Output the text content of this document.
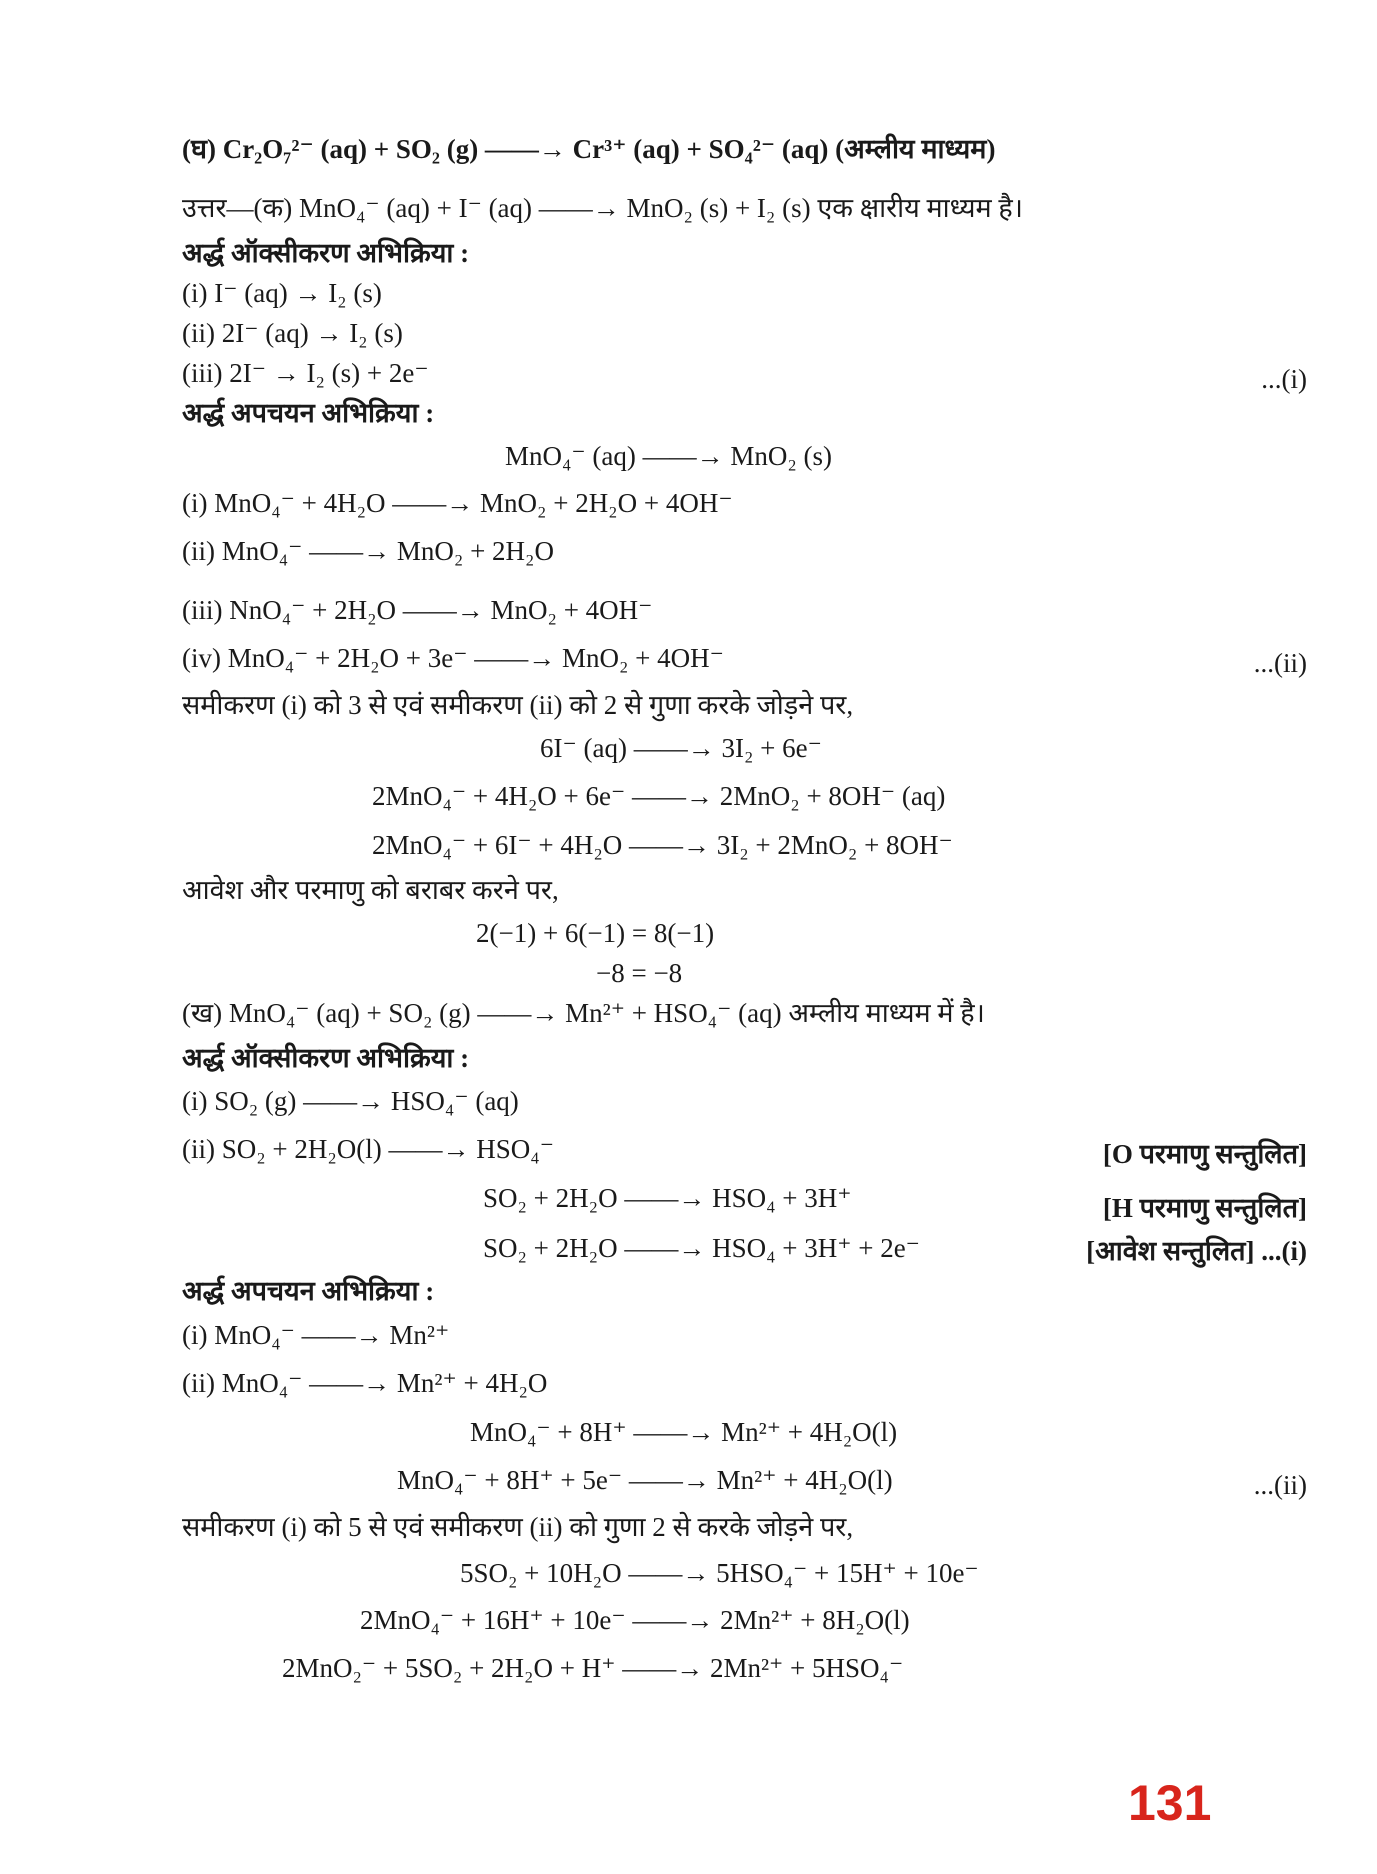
(घ) Cr₂O₇²⁻ (aq) + SO₂ (g) ——→ Cr³⁺ (aq) + SO₄²⁻ (aq) (अम्लीय माध्यम)
उत्तर—(क) MnO₄⁻ (aq) + I⁻ (aq) ——→ MnO₂ (s) + I₂ (s) एक क्षारीय माध्यम है।
अर्द्ध ऑक्सीकरण अभिक्रिया :
(i) I⁻ (aq) → I₂ (s)
(ii) 2I⁻ (aq) → I₂ (s)
(iii) 2I⁻ → I₂ (s) + 2e⁻
अर्द्ध अपचयन अभिक्रिया :
MnO₄⁻ (aq) ——→ MnO₂ (s)
(i) MnO₄⁻ + 4H₂O ——→ MnO₂ + 2H₂O + 4OH⁻
(ii) MnO₄⁻ ——→ MnO₂ + 2H₂O
(iii) NnO₄⁻ + 2H₂O ——→ MnO₂ + 4OH⁻
(iv) MnO₄⁻ + 2H₂O + 3e⁻ ——→ MnO₂ + 4OH⁻
समीकरण (i) को 3 से एवं समीकरण (ii) को 2 से गुणा करके जोड़ने पर,
6I⁻ (aq) ——→ 3I₂ + 6e⁻
2MnO₄⁻ + 4H₂O + 6e⁻ ——→ 2MnO₂ + 8OH⁻ (aq)
2MnO₄⁻ + 6I⁻ + 4H₂O ——→ 3I₂ + 2MnO₂ + 8OH⁻
आवेश और परमाणु को बराबर करने पर,
2(−1) + 6(−1) = 8(−1)
−8 = −8
(ख) MnO₄⁻ (aq) + SO₂ (g) ——→ Mn²⁺ + HSO₄⁻ (aq) अम्लीय माध्यम में है।
अर्द्ध ऑक्सीकरण अभिक्रिया :
(i) SO₂ (g) ——→ HSO₄⁻ (aq)
(ii) SO₂ + 2H₂O(l) ——→ HSO₄⁻
SO₂ + 2H₂O ——→ HSO₄ + 3H⁺
SO₂ + 2H₂O ——→ HSO₄ + 3H⁺ + 2e⁻
अर्द्ध अपचयन अभिक्रिया :
(i) MnO₄⁻ ——→ Mn²⁺
(ii) MnO₄⁻ ——→ Mn²⁺ + 4H₂O
MnO₄⁻ + 8H⁺ ——→ Mn²⁺ + 4H₂O(l)
MnO₄⁻ + 8H⁺ + 5e⁻ ——→ Mn²⁺ + 4H₂O(l)
समीकरण (i) को 5 से एवं समीकरण (ii) को गुणा 2 से करके जोड़ने पर,
5SO₂ + 10H₂O ——→ 5HSO₄⁻ + 15H⁺ + 10e⁻
2MnO₄⁻ + 16H⁺ + 10e⁻ ——→ 2Mn²⁺ + 8H₂O(l)
2MnO₂⁻ + 5SO₂ + 2H₂O + H⁺ ——→ 2Mn²⁺ + 5HSO₄⁻
...(i)
...(ii)
[O परमाणु सन्तुलित]
[H परमाणु सन्तुलित]
[आवेश सन्तुलित] ...(i)
...(ii)
131
